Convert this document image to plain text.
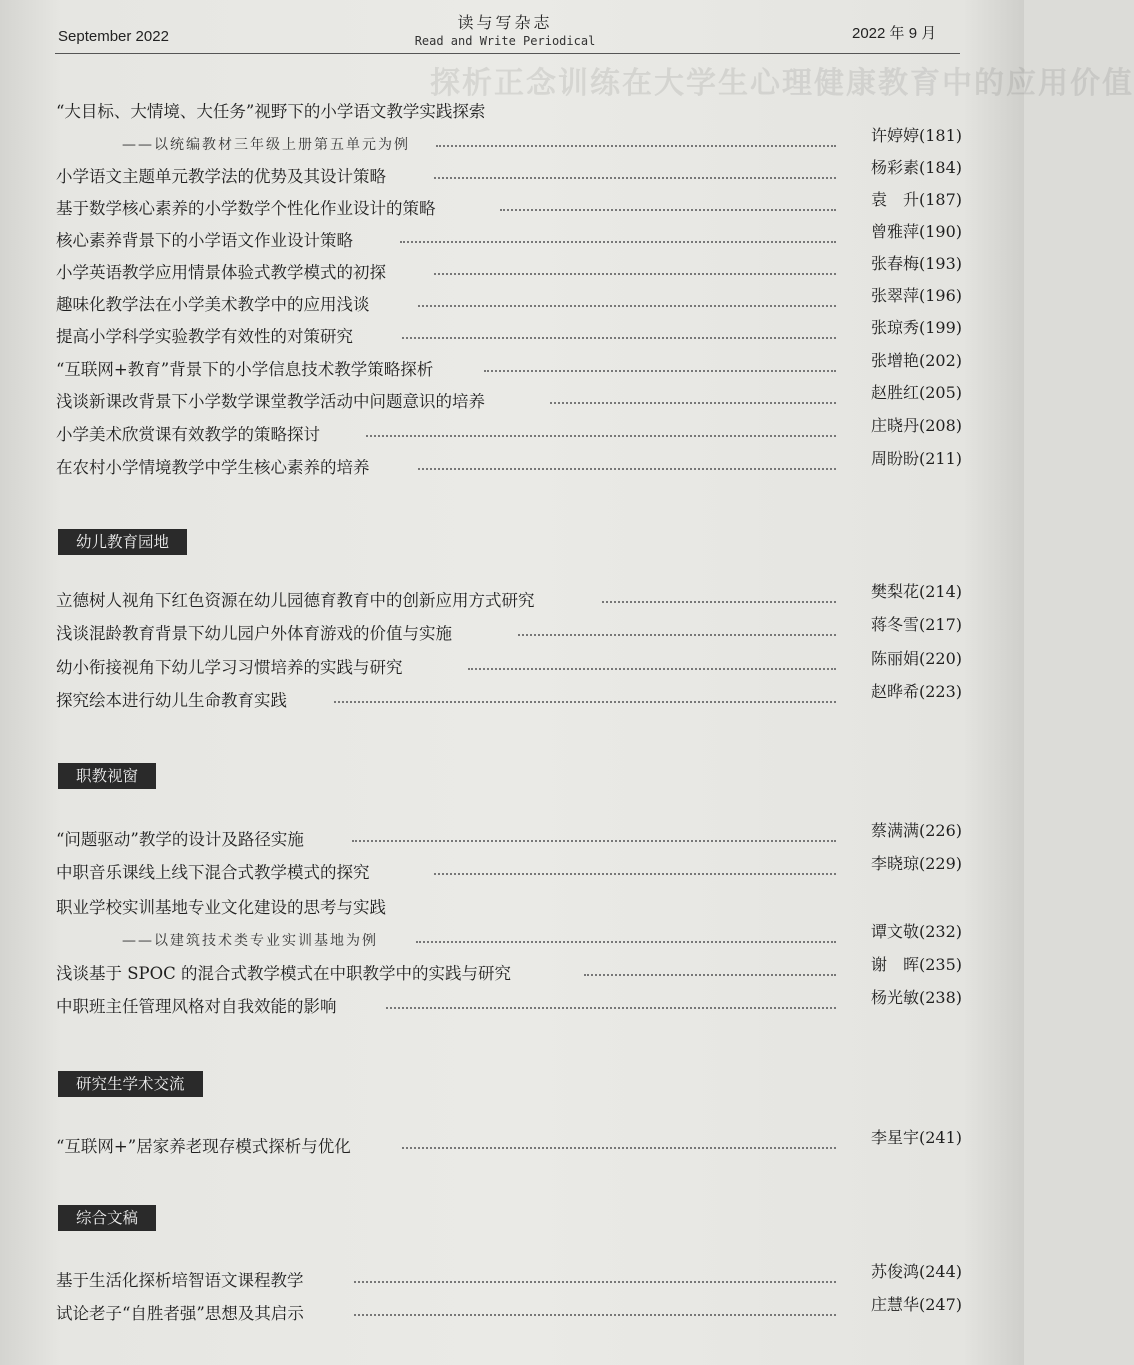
探析正念训练在大学生心理健康教育中的应用价值
September 2022
读与写杂志
Read and Write Periodical	2022 年 9 月
幼儿教育园地
职教视窗
研究生学术交流
综合文稿
“大目标、大情境、大任务”视野下的小学语文教学实践探索
——以统编教材三年级上册第五单元为例	许婷婷(181)
小学语文主题单元教学法的优势及其设计策略	杨彩素(184)
基于数学核心素养的小学数学个性化作业设计的策略	袁　升(187)
核心素养背景下的小学语文作业设计策略	曾雅萍(190)
小学英语教学应用情景体验式教学模式的初探	张春梅(193)
趣味化教学法在小学美术教学中的应用浅谈	张翠萍(196)
提高小学科学实验教学有效性的对策研究	张琼秀(199)
“互联网+教育”背景下的小学信息技术教学策略探析	张增艳(202)
浅谈新课改背景下小学数学课堂教学活动中问题意识的培养	赵胜红(205)
小学美术欣赏课有效教学的策略探讨	庄晓丹(208)
在农村小学情境教学中学生核心素养的培养	周盼盼(211)
立德树人视角下红色资源在幼儿园德育教育中的创新应用方式研究	樊梨花(214)
浅谈混龄教育背景下幼儿园户外体育游戏的价值与实施	蒋冬雪(217)
幼小衔接视角下幼儿学习习惯培养的实践与研究	陈丽娟(220)
探究绘本进行幼儿生命教育实践	赵晔希(223)
“问题驱动”教学的设计及路径实施	蔡满满(226)
中职音乐课线上线下混合式教学模式的探究	李晓琼(229)
职业学校实训基地专业文化建设的思考与实践
——以建筑技术类专业实训基地为例	谭文敬(232)
浅谈基于 SPOC 的混合式教学模式在中职教学中的实践与研究	谢　晖(235)
中职班主任管理风格对自我效能的影响	杨光敏(238)
“互联网+”居家养老现存模式探析与优化	李星宇(241)
基于生活化探析培智语文课程教学	苏俊鸿(244)
试论老子“自胜者强”思想及其启示	庄慧华(247)
